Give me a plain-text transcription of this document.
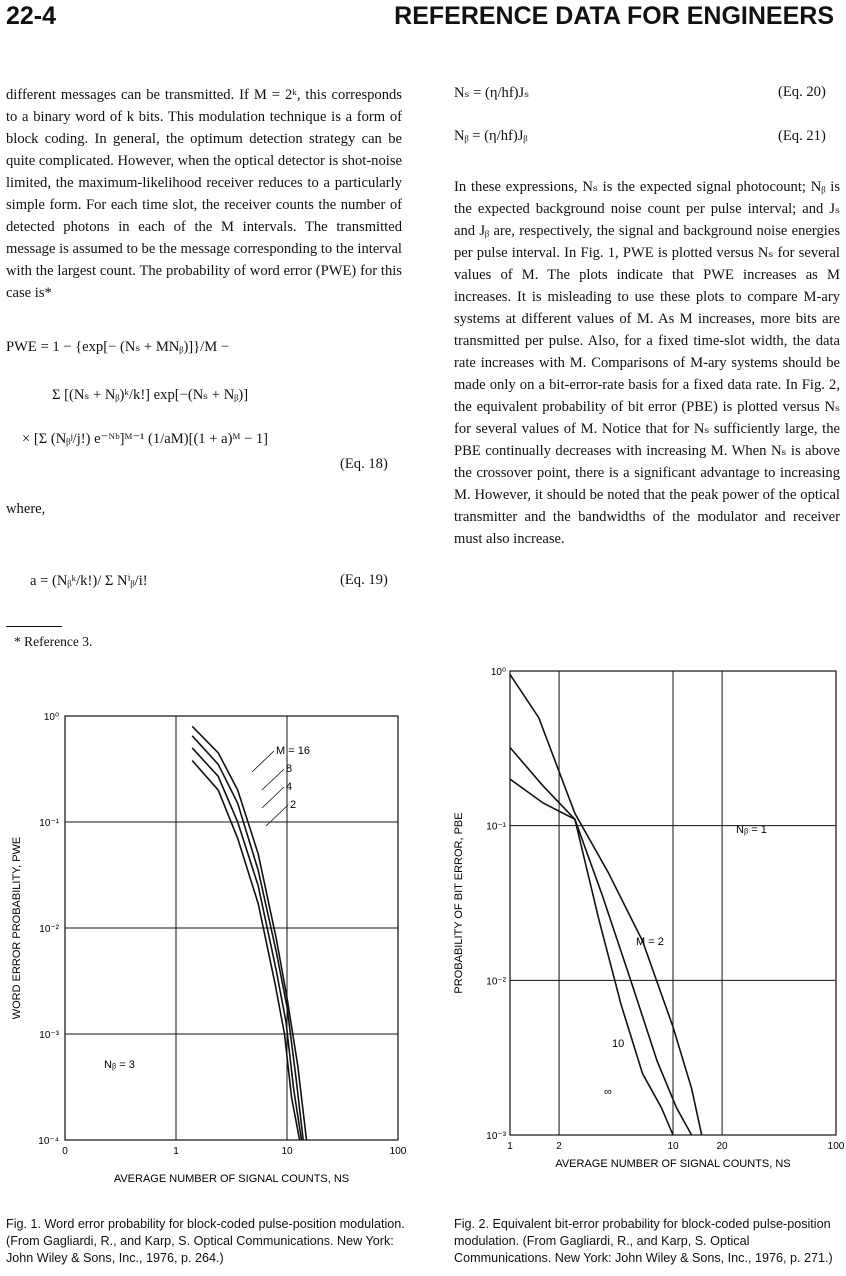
22-4	REFERENCE DATA FOR ENGINEERS

different messages can be transmitted. If M = 2ᵏ, this corresponds to a binary word of k bits. This modulation technique is a form of block coding. In general, the optimum detection strategy can be quite complicated. However, when the optical detector is shot-noise limited, the maximum-likelihood receiver reduces to a particularly simple form. For each time slot, the receiver counts the number of detected photons in each of the M intervals. The transmitted message is assumed to be the message corresponding to the interval with the largest count. The probability of word error (PWE) for this case is*

PWE = 1 − {exp[− (Nₛ + MNᵦ)]}/M −
Σ [(Nₛ + Nᵦ)ᵏ/k!] exp[−(Nₛ + Nᵦ)]
× [Σ (Nᵦʲ/j!) e⁻ᴺᵇ]ᴹ⁻¹ (1/aM)[(1 + a)ᴹ − 1]
(Eq. 18)
where,
a = (Nᵦᵏ/k!)/ Σ Nⁱᵦ/i!	(Eq. 19)
* Reference 3.
Nₛ = (η/hf)Jₛ	(Eq. 20)
Nᵦ = (η/hf)Jᵦ	(Eq. 21)

In these expressions, Nₛ is the expected signal photocount; Nᵦ is the expected background noise count per pulse interval; and Jₛ and Jᵦ are, respectively, the signal and background noise energies per pulse interval. In Fig. 1, PWE is plotted versus Nₛ for several values of M. The plots indicate that PWE increases as M increases. It is misleading to use these plots to compare M-ary systems at different values of M. As M increases, more bits are transmitted per pulse. Also, for a fixed time-slot width, the data rate increases with M. Comparisons of M-ary systems should be made only on a bit-error-rate basis for a fixed data rate. In Fig. 2, the equivalent probability of bit error (PBE) is plotted versus Nₛ for several values of M. Notice that for Nₛ sufficiently large, the PBE continually decreases with increasing M. When Nₛ is above the crossover point, there is a significant advantage to increasing M. However, it should be noted that the peak power of the optical transmitter and the bandwidths of the modulator and receiver must also increase.

10⁰
10⁻¹
10⁻²
10⁻³
10⁻⁴
0	1	10	100
AVERAGE NUMBER OF SIGNAL COUNTS, NS
WORD ERROR PROBABILITY, PWE
M = 16
8
4
2
Nᵦ = 3
10⁰
10⁻¹
10⁻²
10⁻³
1	2	10	20	100
AVERAGE NUMBER OF SIGNAL COUNTS, NS
PROBABILITY OF BIT ERROR, PBE	M = 2
10
∞
Nᵦ = 1
Fig. 1. Word error probability for block-coded pulse-position modulation. (From Gagliardi, R., and Karp, S. Optical Communications. New York: John Wiley & Sons, Inc., 1976, p. 264.)
Fig. 2. Equivalent bit-error probability for block-coded pulse-position modulation. (From Gagliardi, R., and Karp, S. Optical Communications. New York: John Wiley & Sons, Inc., 1976, p. 271.)
